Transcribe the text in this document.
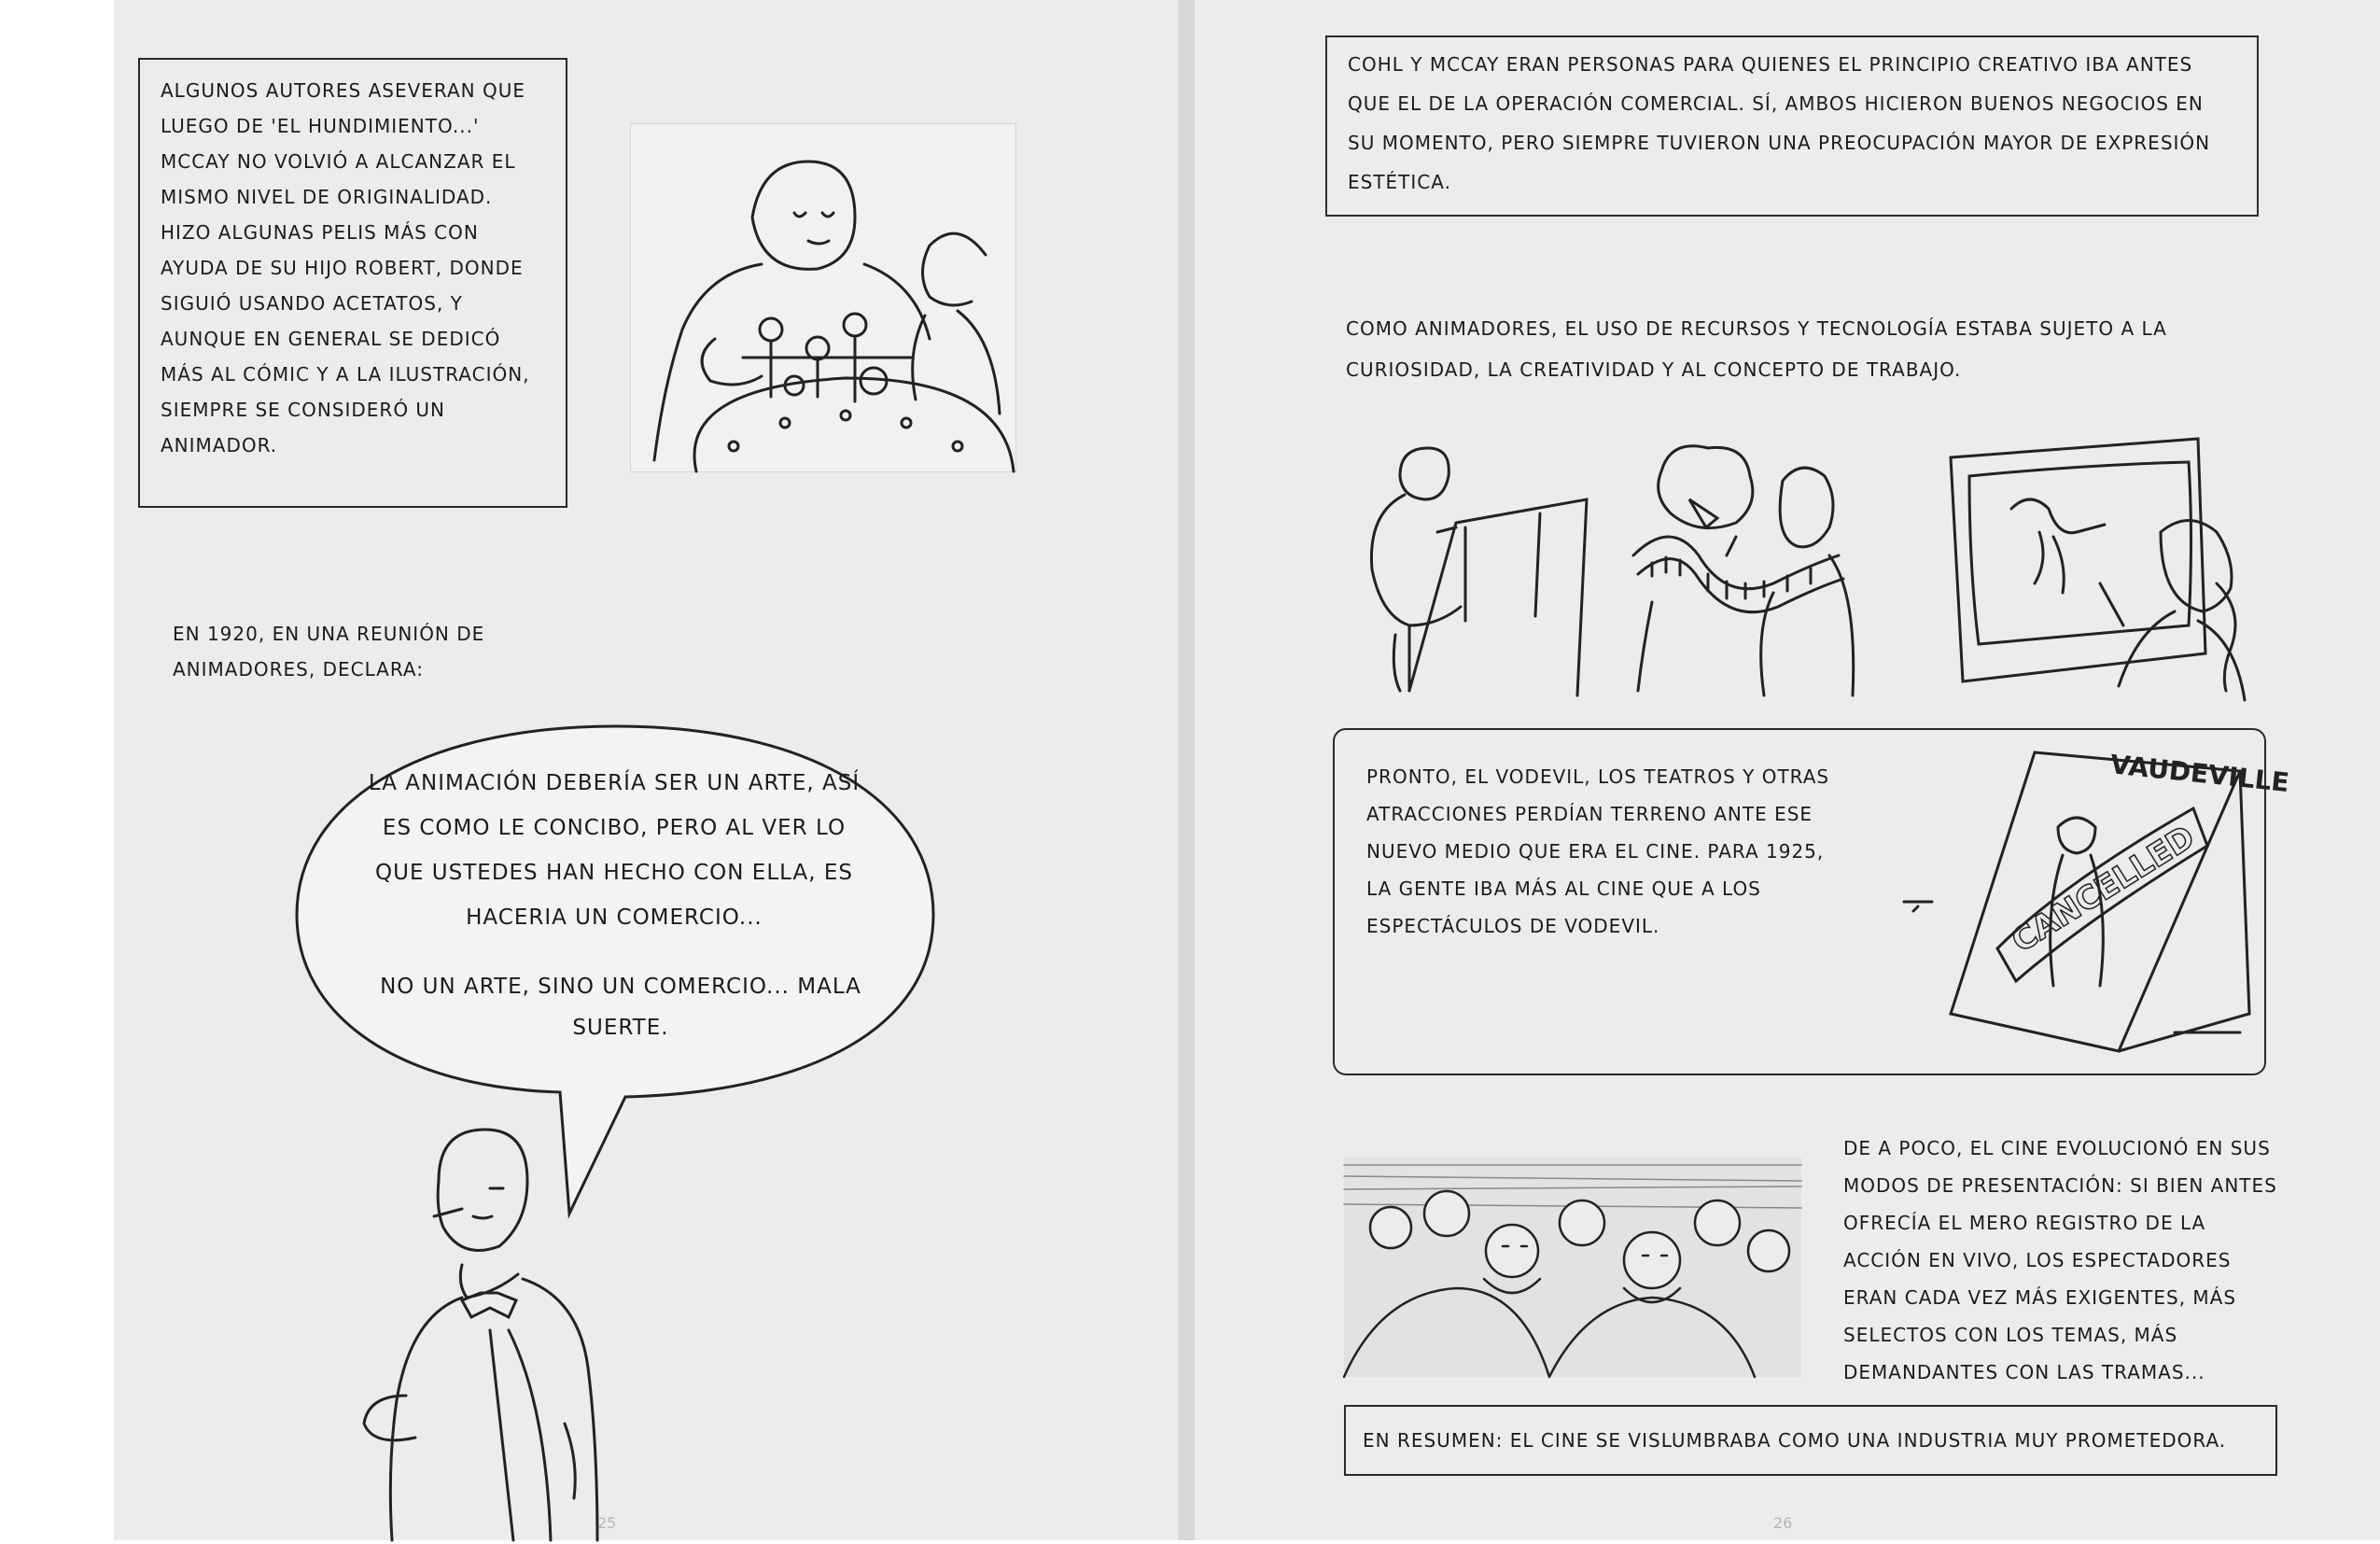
ALGUNOS AUTORES ASEVERAN QUE LUEGO DE 'EL HUNDIMIENTO...' MCCAY NO VOLVIÓ A ALCANZAR EL MISMO NIVEL DE ORIGINALIDAD. HIZO ALGUNAS PELIS MÁS CON AYUDA DE SU HIJO ROBERT, DONDE SIGUIÓ USANDO ACETATOS, Y AUNQUE EN GENERAL SE DEDICÓ MÁS AL CÓMIC Y A LA ILUSTRACIÓN, SIEMPRE SE CONSIDERÓ UN ANIMADOR.
EN 1920, EN UNA REUNIÓN DE ANIMADORES, DECLARA:
LA ANIMACIÓN DEBERÍA SER UN ARTE, ASÍ ES COMO LE CONCIBO, PERO AL VER LO QUE USTEDES HAN HECHO CON ELLA, ES HACERIA UN COMERCIO...
NO UN ARTE, SINO UN COMERCIO... MALA SUERTE.
25
COHL Y MCCAY ERAN PERSONAS PARA QUIENES EL PRINCIPIO CREATIVO IBA ANTES QUE EL DE LA OPERACIÓN COMERCIAL. SÍ, AMBOS HICIERON BUENOS NEGOCIOS EN SU MOMENTO, PERO SIEMPRE TUVIERON UNA PREOCUPACIÓN MAYOR DE EXPRESIÓN ESTÉTICA.
COMO ANIMADORES, EL USO DE RECURSOS Y TECNOLOGÍA ESTABA SUJETO A LA CURIOSIDAD, LA CREATIVIDAD Y AL CONCEPTO DE TRABAJO.
PRONTO, EL VODEVIL, LOS TEATROS Y OTRAS ATRACCIONES PERDÍAN TERRENO ANTE ESE NUEVO MEDIO QUE ERA EL CINE. PARA 1925, LA GENTE IBA MÁS AL CINE QUE A LOS ESPECTÁCULOS DE VODEVIL.
VAUDEVILLE
CANCELLED
DE A POCO, EL CINE EVOLUCIONÓ EN SUS MODOS DE PRESENTACIÓN: SI BIEN ANTES OFRECÍA EL MERO REGISTRO DE LA ACCIÓN EN VIVO, LOS ESPECTADORES ERAN CADA VEZ MÁS EXIGENTES, MÁS SELECTOS CON LOS TEMAS, MÁS DEMANDANTES CON LAS TRAMAS...
EN RESUMEN: EL CINE SE VISLUMBRABA COMO UNA INDUSTRIA MUY PROMETEDORA.
26
